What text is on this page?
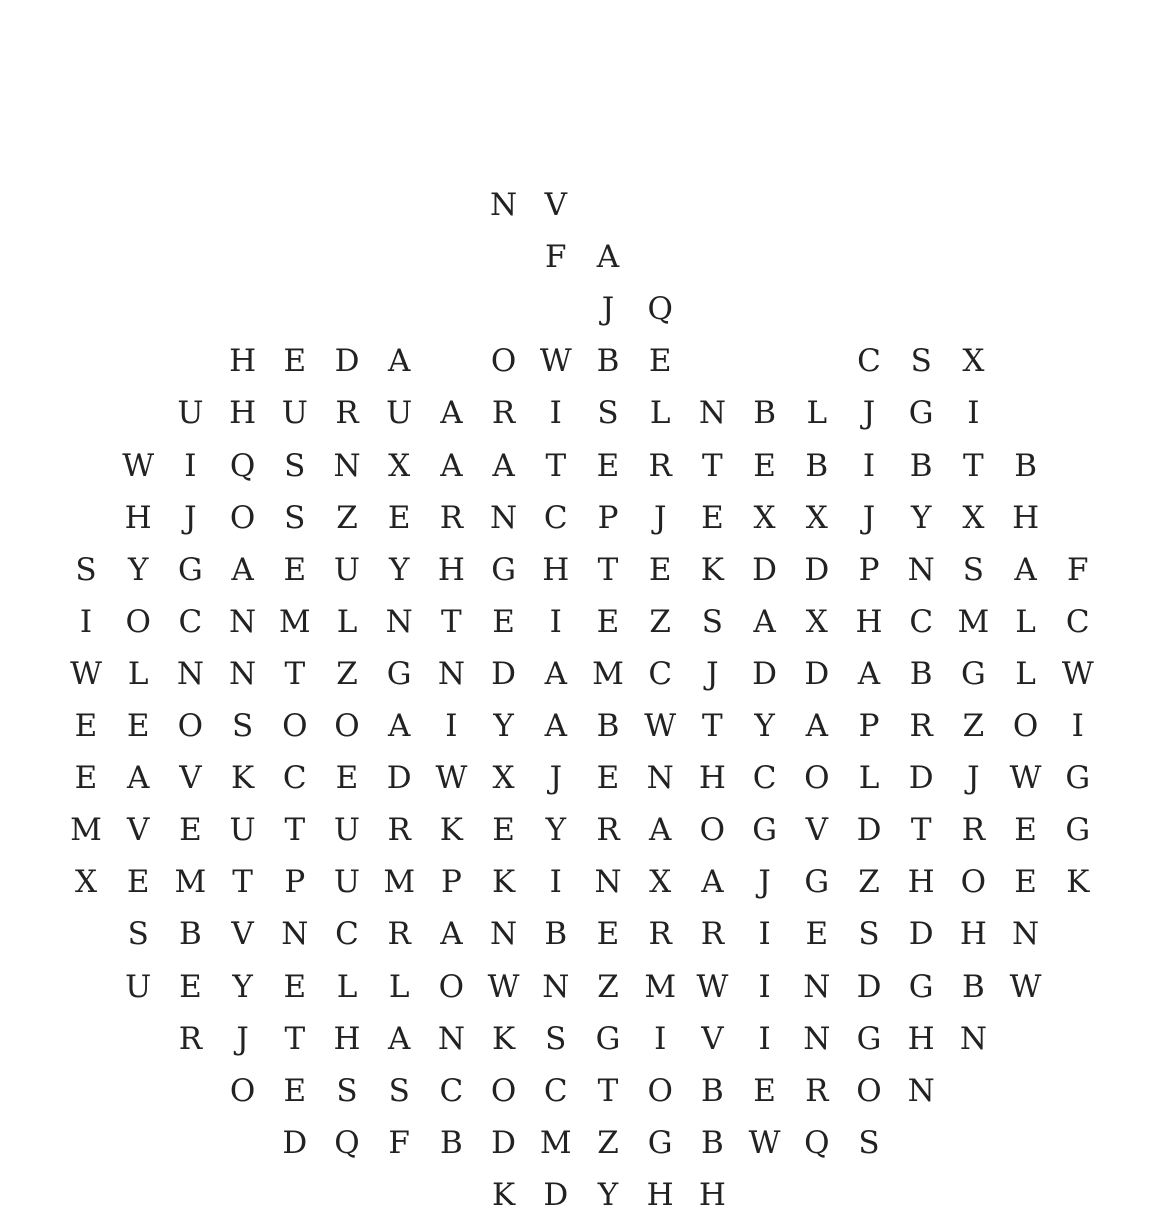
N V
F A
J	Q
H E D A	O W B E	C S X
U H U R U A R	I	S	L N B L	J	G	I
W I	Q S N X A A T E R T E B	I	B T B
H	J	O S Z E R N C P	J	E X X	J	Y X H
S	Y G A E U Y H G H T E K D D P N S A F
I	O C N M L N T E	I	E Z S A X H C M L C
W L N N T	Z G N D A M C	J	D D A B G L W
E E O S O O A	I	Y A B W T	Y A P R Z O	I
E A V K C E D W X	J	E N H C O L D	J W G
M V E U T U R K E Y R A O G V D T R E G
X E M T	P U M P K	I	N X A	J	G Z H O E K
S B V N C R A N B E R R	I	E S D H N
U E Y E L	L O W N Z M W I	N D G B W
R	J	T H A N K S G	I	V	I	N G H N
O E S S C O C T O B E R O N
D Q F B D M Z G B W Q S
K D Y H H
